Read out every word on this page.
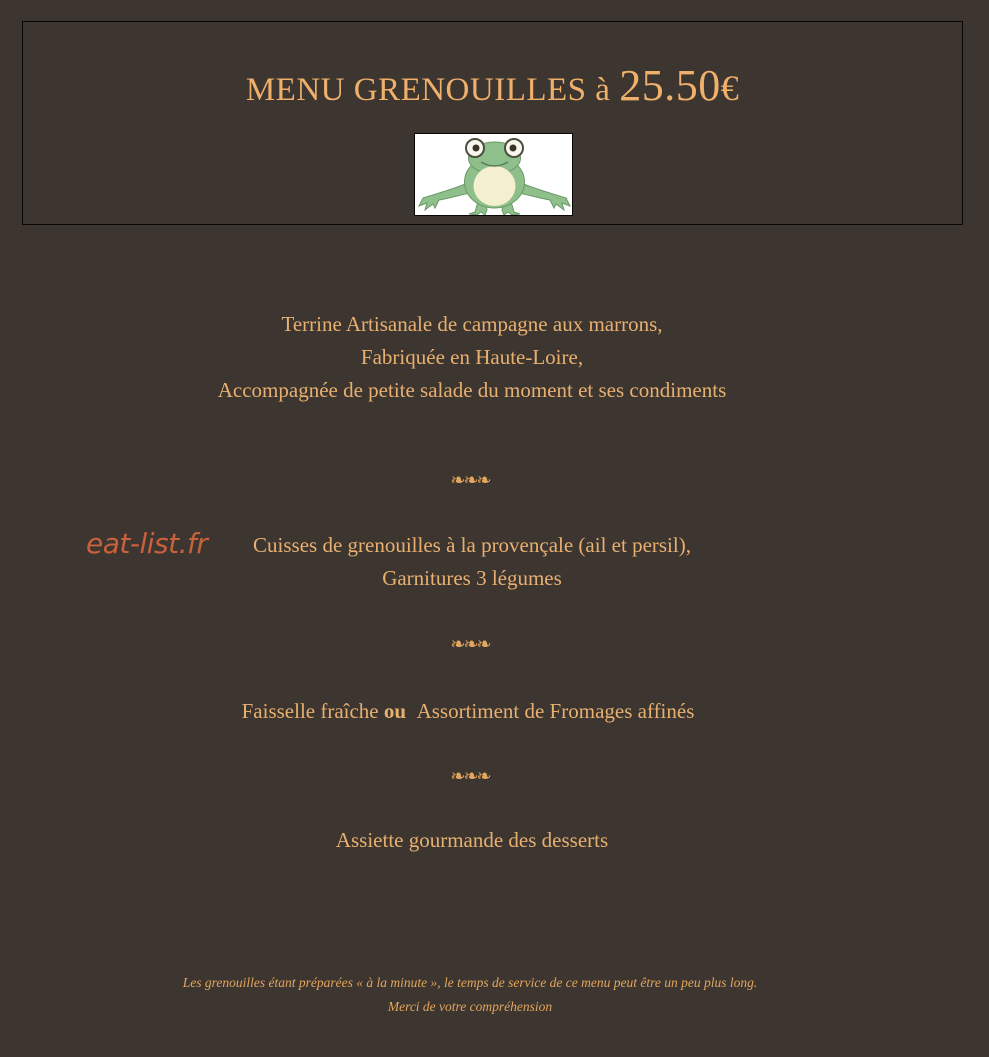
MENU GRENOUILLES à 25.50€
Terrine Artisanale de campagne aux marrons,
Fabriquée en Haute-Loire,
Accompagnée de petite salade du moment et ses condiments
❧❧❧
eat-list.fr	Cuisses de grenouilles à la provençale (ail et persil),
Garnitures 3 légumes
❧❧❧
Faisselle fraîche ou Assortiment de Fromages affinés
❧❧❧
Assiette gourmande des desserts
Les grenouilles étant préparées « à la minute », le temps de service de ce menu peut être un peu plus long.
Merci de votre compréhension
